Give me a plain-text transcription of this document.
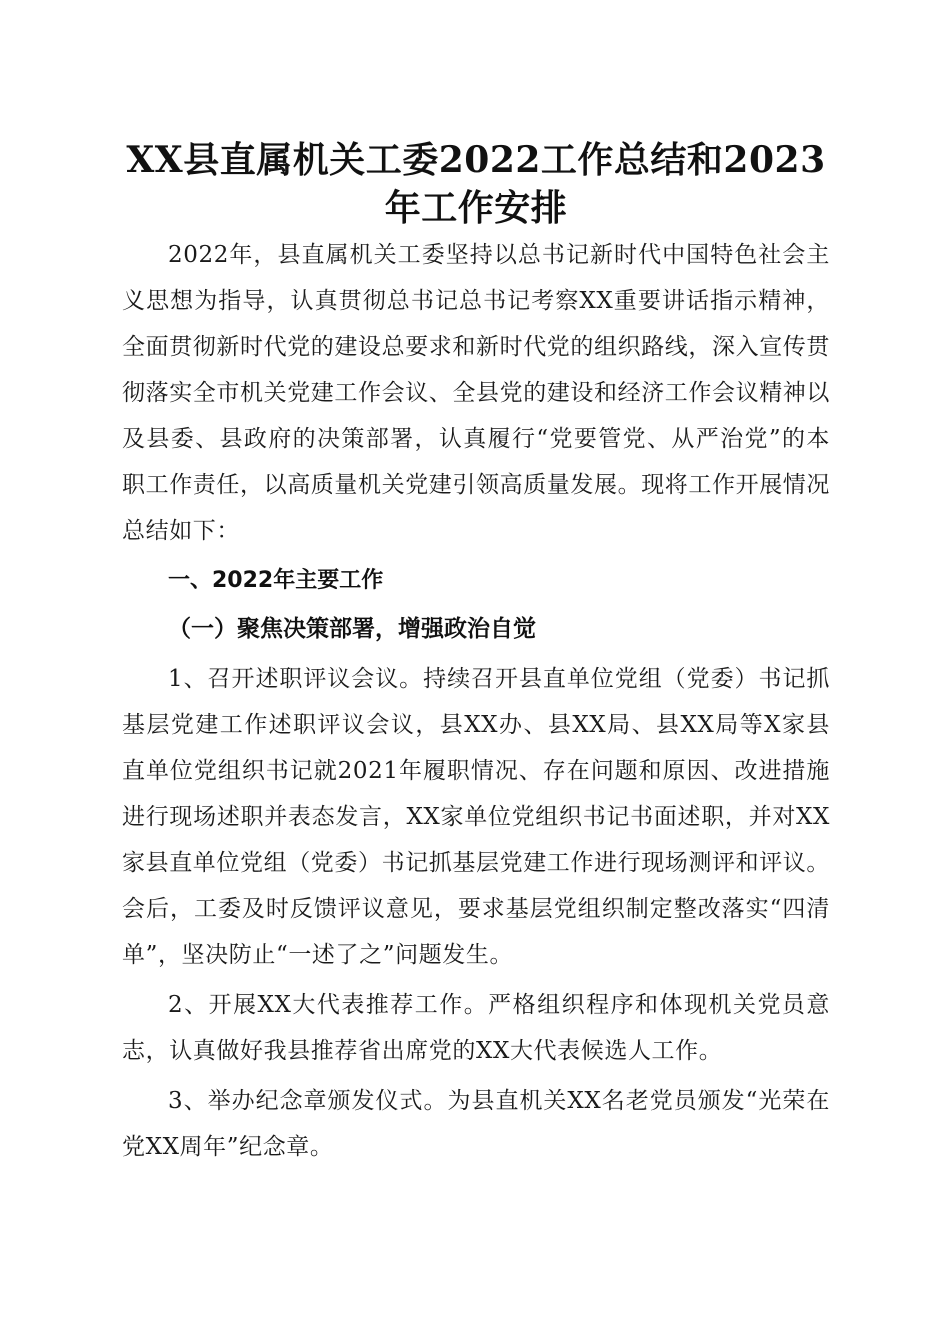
XX县直属机关工委2022工作总结和2023年工作安排

2022年，县直属机关工委坚持以总书记新时代中国特色社会主义思想为指导，认真贯彻总书记总书记考察XX重要讲话指示精神，全面贯彻新时代党的建设总要求和新时代党的组织路线，深入宣传贯彻落实全市机关党建工作会议、全县党的建设和经济工作会议精神以及县委、县政府的决策部署，认真履行“党要管党、从严治党”的本职工作责任，以高质量机关党建引领高质量发展。现将工作开展情况总结如下：

一、2022年主要工作

（一）聚焦决策部署，增强政治自觉

1、召开述职评议会议。持续召开县直单位党组（党委）书记抓基层党建工作述职评议会议，县XX办、县XX局、县XX局等X家县直单位党组织书记就2021年履职情况、存在问题和原因、改进措施进行现场述职并表态发言，XX家单位党组织书记书面述职，并对XX家县直单位党组（党委）书记抓基层党建工作进行现场测评和评议。会后，工委及时反馈评议意见，要求基层党组织制定整改落实“四清单”，坚决防止“一述了之”问题发生。

2、开展XX大代表推荐工作。严格组织程序和体现机关党员意志，认真做好我县推荐省出席党的XX大代表候选人工作。

3、举办纪念章颁发仪式。为县直机关XX名老党员颁发“光荣在党XX周年”纪念章。
